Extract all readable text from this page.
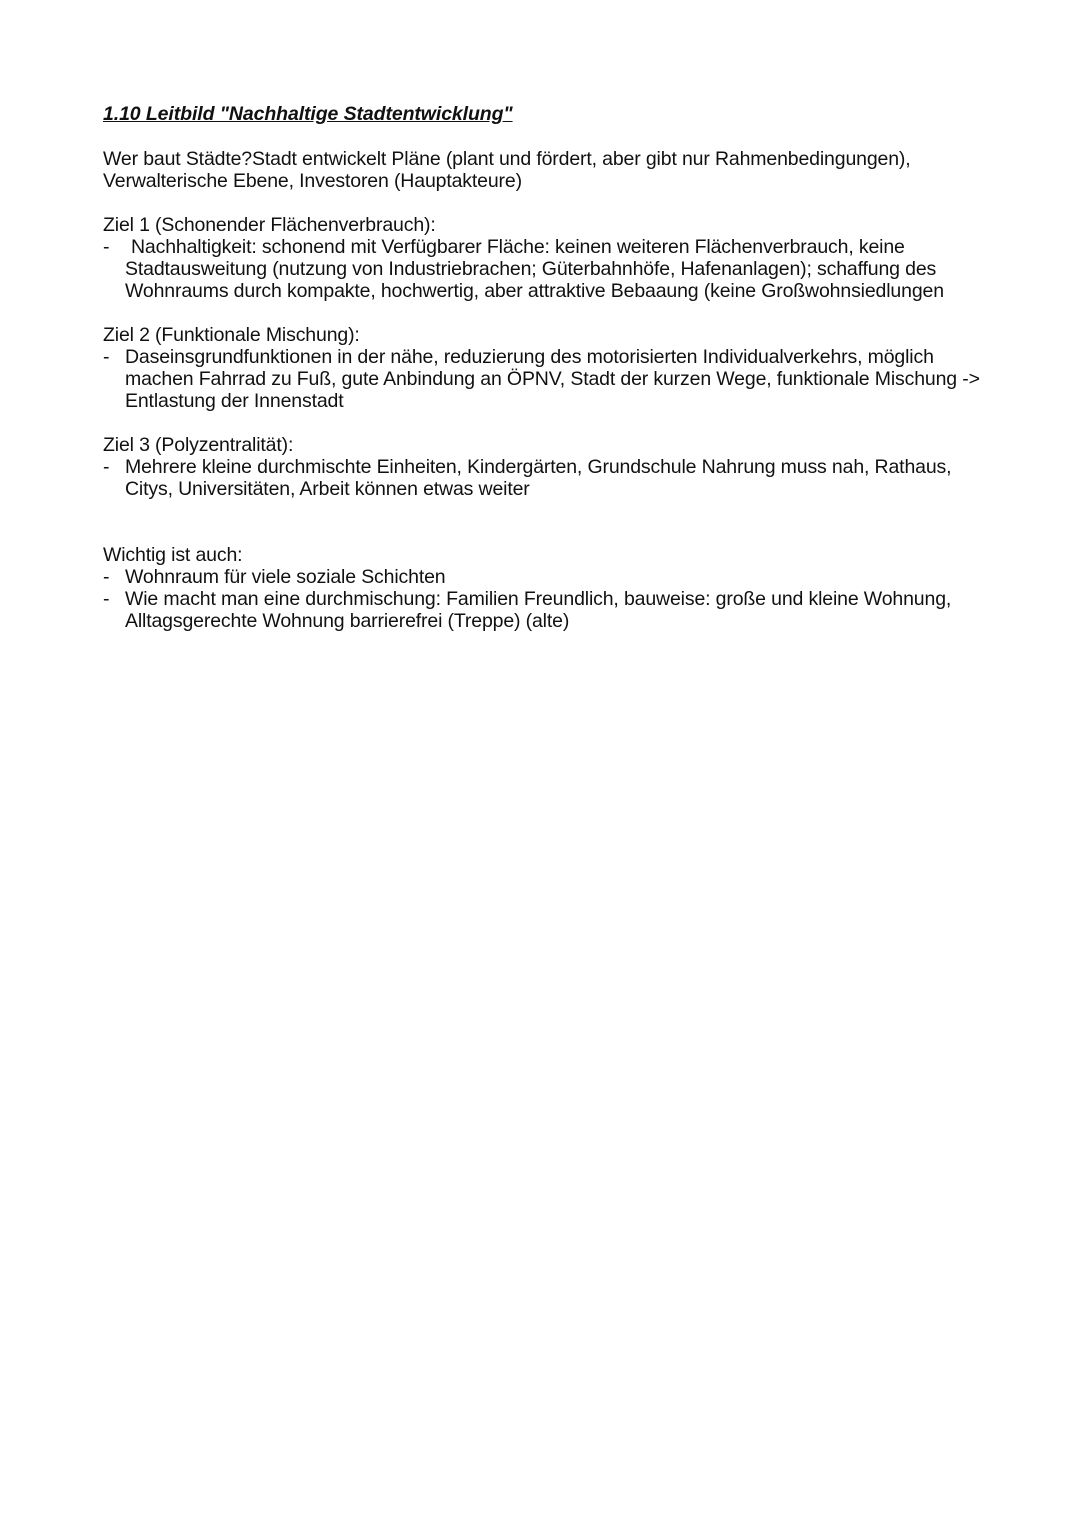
1.10 Leitbild "Nachhaltige Stadtentwicklung"

Wer baut Städte?Stadt entwickelt Pläne (plant und fördert, aber gibt nur Rahmenbedingungen), Verwalterische Ebene, Investoren (Hauptakteure)

Ziel 1 (Schonender Flächenverbrauch):

- Nachhaltigkeit: schonend mit Verfügbarer Fläche: keinen weiteren Flächenverbrauch, keine Stadtausweitung (nutzung von Industriebrachen; Güterbahnhöfe, Hafenanlagen); schaffung des Wohnraums durch kompakte, hochwertig, aber attraktive Bebaaung (keine Großwohnsiedlungen

Ziel 2 (Funktionale Mischung):

- Daseinsgrundfunktionen in der nähe, reduzierung des motorisierten Individualverkehrs, möglich machen Fahrrad zu Fuß, gute Anbindung an ÖPNV, Stadt der kurzen Wege, funktionale Mischung -> Entlastung der Innenstadt

Ziel 3 (Polyzentralität):

- Mehrere kleine durchmischte Einheiten, Kindergärten, Grundschule Nahrung muss nah, Rathaus, Citys, Universitäten, Arbeit können etwas weiter

Wichtig ist auch:

- Wohnraum für viele soziale Schichten
- Wie macht man eine durchmischung: Familien Freundlich, bauweise: große und kleine Wohnung, Alltagsgerechte Wohnung barrierefrei (Treppe) (alte)
